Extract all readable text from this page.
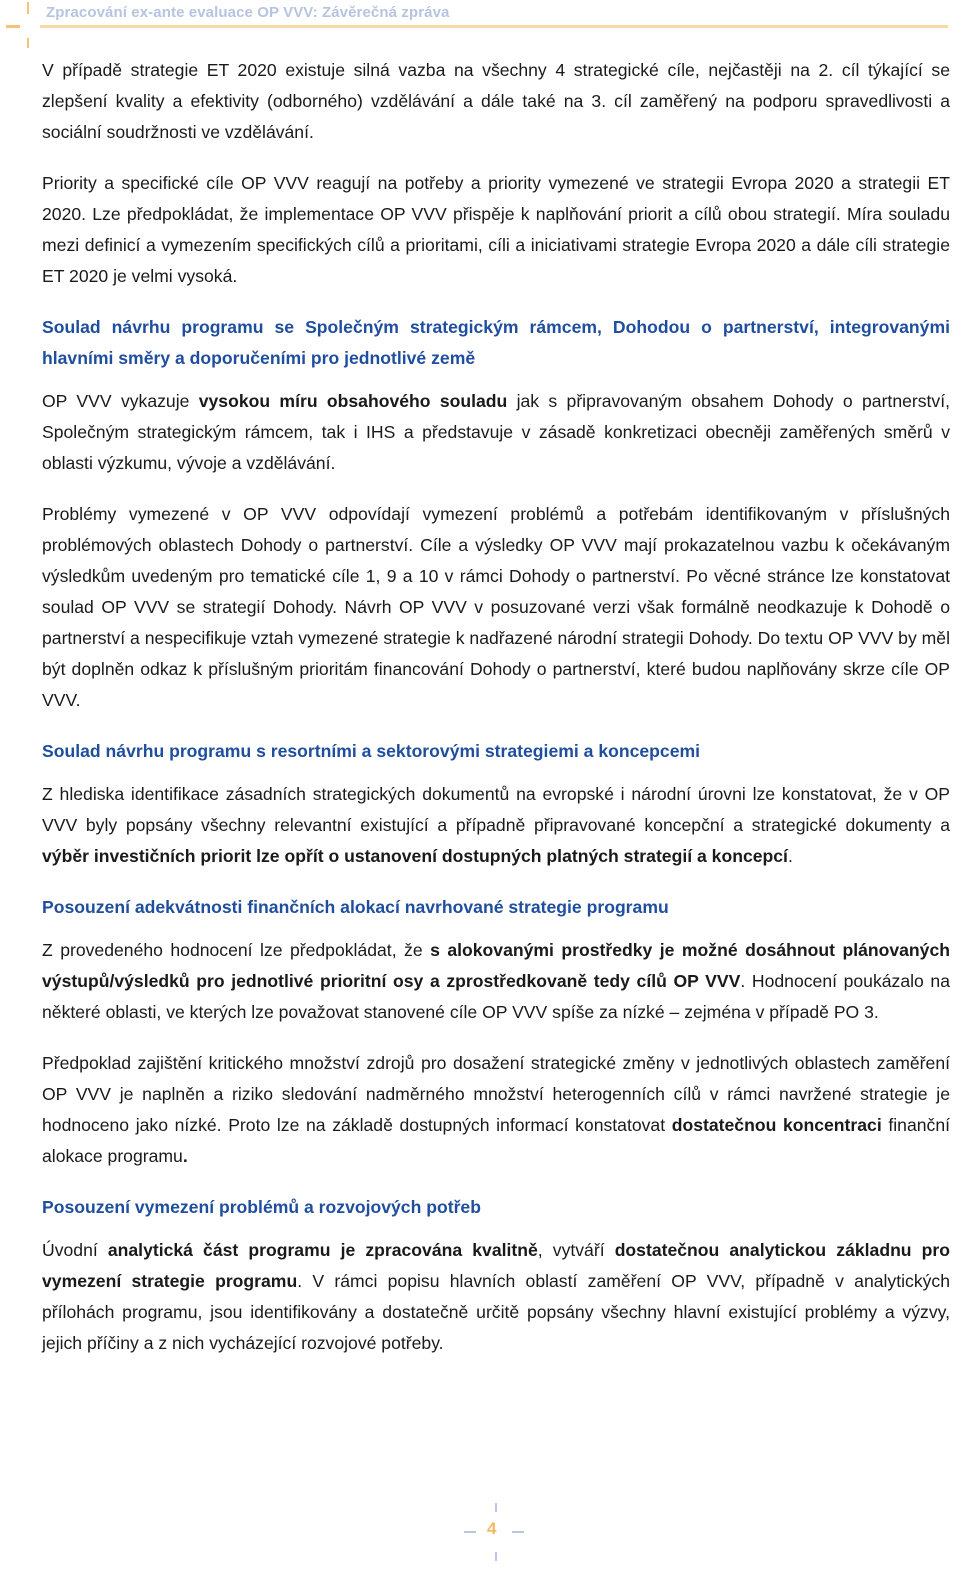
Zpracování ex-ante evaluace OP VVV: Závěrečná zpráva

V případě strategie ET 2020 existuje silná vazba na všechny 4 strategické cíle, nejčastěji na 2. cíl týkající se zlepšení kvality a efektivity (odborného) vzdělávání a dále také na 3. cíl zaměřený na podporu spravedlivosti a sociální soudržnosti ve vzdělávání.

Priority a specifické cíle OP VVV reagují na potřeby a priority vymezené ve strategii Evropa 2020 a strategii ET 2020. Lze předpokládat, že implementace OP VVV přispěje k naplňování priorit a cílů obou strategií. Míra souladu mezi definicí a vymezením specifických cílů a prioritami, cíli a iniciativami strategie Evropa 2020 a dále cíli strategie ET 2020 je velmi vysoká.

Soulad návrhu programu se Společným strategickým rámcem, Dohodou o partnerství, integrovanými hlavními směry a doporučeními pro jednotlivé země

OP VVV vykazuje vysokou míru obsahového souladu jak s připravovaným obsahem Dohody o partnerství, Společným strategickým rámcem, tak i IHS a představuje v zásadě konkretizaci obecněji zaměřených směrů v oblasti výzkumu, vývoje a vzdělávání.

Problémy vymezené v OP VVV odpovídají vymezení problémů a potřebám identifikovaným v příslušných problémových oblastech Dohody o partnerství. Cíle a výsledky OP VVV mají prokazatelnou vazbu k očekávaným výsledkům uvedeným pro tematické cíle 1, 9 a 10 v rámci Dohody o partnerství. Po věcné stránce lze konstatovat soulad OP VVV se strategií Dohody. Návrh OP VVV v posuzované verzi však formálně neodkazuje k Dohodě o partnerství a nespecifikuje vztah vymezené strategie k nadřazené národní strategii Dohody. Do textu OP VVV by měl být doplněn odkaz k příslušným prioritám financování Dohody o partnerství, které budou naplňovány skrze cíle OP VVV.

Soulad návrhu programu s resortními a sektorovými strategiemi a koncepcemi

Z hlediska identifikace zásadních strategických dokumentů na evropské i národní úrovni lze konstatovat, že v OP VVV byly popsány všechny relevantní existující a případně připravované koncepční a strategické dokumenty a výběr investičních priorit lze opřít o ustanovení dostupných platných strategií a koncepcí.

Posouzení adekvátnosti finančních alokací navrhované strategie programu

Z provedeného hodnocení lze předpokládat, že s alokovanými prostředky je možné dosáhnout plánovaných výstupů/výsledků pro jednotlivé prioritní osy a zprostředkovaně tedy cílů OP VVV. Hodnocení poukázalo na některé oblasti, ve kterých lze považovat stanovené cíle OP VVV spíše za nízké – zejména v případě PO 3.

Předpoklad zajištění kritického množství zdrojů pro dosažení strategické změny v jednotlivých oblastech zaměření OP VVV je naplněn a riziko sledování nadměrného množství heterogenních cílů v rámci navržené strategie je hodnoceno jako nízké. Proto lze na základě dostupných informací konstatovat dostatečnou koncentraci finanční alokace programu.

Posouzení vymezení problémů a rozvojových potřeb

Úvodní analytická část programu je zpracována kvalitně, vytváří dostatečnou analytickou základnu pro vymezení strategie programu. V rámci popisu hlavních oblastí zaměření OP VVV, případně v analytických přílohách programu, jsou identifikovány a dostatečně určitě popsány všechny hlavní existující problémy a výzvy, jejich příčiny a z nich vycházející rozvojové potřeby.

4
